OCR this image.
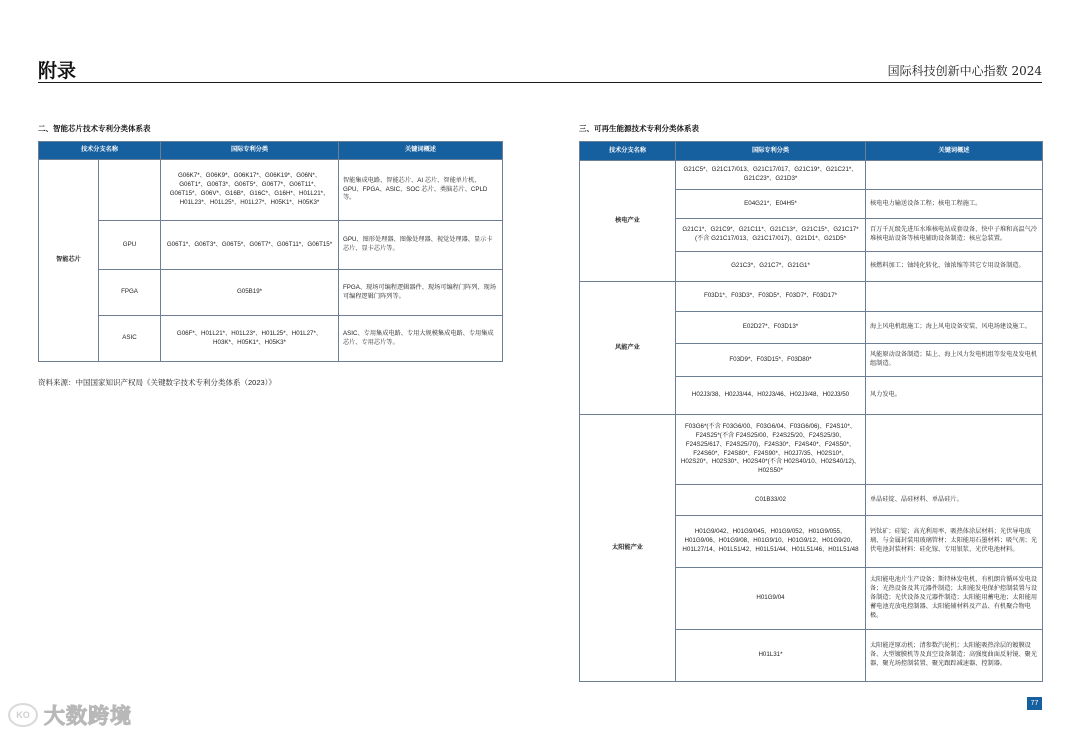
附录	国际科技创新中心指数 2024
二、智能芯片技术专利分类体系表
技术分支名称		国际专利分类	关键词概述
智能芯片		G06K7*、G06K9*、G06K17*、G06K19*、G06N*、G06T1*、G06T3*、G06T5*、G06T7*、G06T11*、G06T15*、G06V*、G16B*、G16C*、G16H*、H01L21*、H01L23*、H01L25*、H01L27*、H05K1*、H05K3*	智能集成电路、智能芯片、AI 芯片、智能单片机、GPU、FPGA、ASIC、SOC 芯片、类脑芯片、CPLD 等。
	GPU	G06T1*、G06T3*、G06T5*、G06T7*、G06T11*、G06T15*	GPU、图形处理器、图像处理器、视觉处理器、显示卡芯片、显卡芯片等。
	FPGA	G05B19*	FPGA、现场可编程逻辑器件、现场可编程门阵列、现场可编程逻辑门阵列等。
	ASIC	G06F*、H01L21*、H01L23*、H01L25*、H01L27*、H03K*、H05K1*、H05K3*	ASIC、专用集成电路、专用大规模集成电路、专用集成芯片、专用芯片等。
资料来源：中国国家知识产权局《关键数字技术专利分类体系（2023）》
三、可再生能源技术专利分类体系表
技术分支名称	国际专利分类	关键词概述
核电产业	G21C5*、G21C17/013、G21C17/017、G21C19*、G21C21*、G21C23*、G21D3*	
	E04G21*、E04H5*	核电电力输送设备工程；核电工程施工。
	G21C1*、G21C9*、G21C11*、G21C13*、G21C15*、G21C17*(不含 G21C17/013、G21C17/017)、G21D1*、G21D5*	百万千瓦级先进压水堆核电站成套设备、快中子堆和高温气冷堆核电站设备等核电辅助设备制造；核应急装置。
	G21C3*、G21C7*、G21G1*	核燃料加工；铀纯化转化、铀浓缩等其它专用设备制造。
风能产业	F03D1*、F03D3*、F03D5*、F03D7*、F03D17*	
	E02D27*、F03D13*	海上风电机组施工；海上风电设备安装、风电场建设施工。
	F03D9*、F03D15*、F03D80*	风能原动设备制造；陆上、海上风力发电机组等发电及发电机组制造。
	H02J3/38、H02J3/44、H02J3/46、H02J3/48、H02J3/50	风力发电。
太阳能产业	F03G6*(不含 F03G6/00、F03G6/04、F03G6/06)、F24S10*、F24S25*(不含 F24S25/00、F24S25/20、F24S25/30、F24S25/617、F24S25/70)、F24S30*、F24S40*、F24S50*、F24S60*、F24S80*、F24S90*、H02J7/35、H02S10*、H02S20*、H02S30*、H02S40*(不含 H02S40/10、H02S40/12)、H02S50*	
	C01B33/02	单晶硅锭、晶硅材料、单晶硅片。
	H01G9/042、H01G9/045、H01G9/052、H01G9/055、H01G9/06、H01G9/08、H01G9/10、H01G9/12、H01G9/20、H01L27/14、H01L51/42、H01L51/44、H01L51/46、H01L51/48	钙钛矿；硅锭；高光利用率、吸热体涂层材料；光伏导电玻璃、与金属封装用玻璃管材；太阳能用石墨材料；吸气剂；光伏电池封装材料：硅化镓、专用银浆、光伏电池材料。
	H01G9/04	太阳能电池片生产设备；斯特林发电机、有机朗肯循环发电设备；光热设备及其元器件制造；太阳能发电保护控制装置与设备制造；光伏设备及元器件制造；太阳能用蓄电池；太阳能用蓄电池充放电控制器、太阳能辅材料及产品、有机聚合物电极。
	H01L31*	太阳能逆原动机；清参数汽轮机；太阳能吸热涂层的镀膜设备、大型镀膜机等及真空设备制造；高强度曲面反射镜、聚光器、聚光场控制装置、聚光跟踪减速器、控制器。
77
KO 大数跨境
